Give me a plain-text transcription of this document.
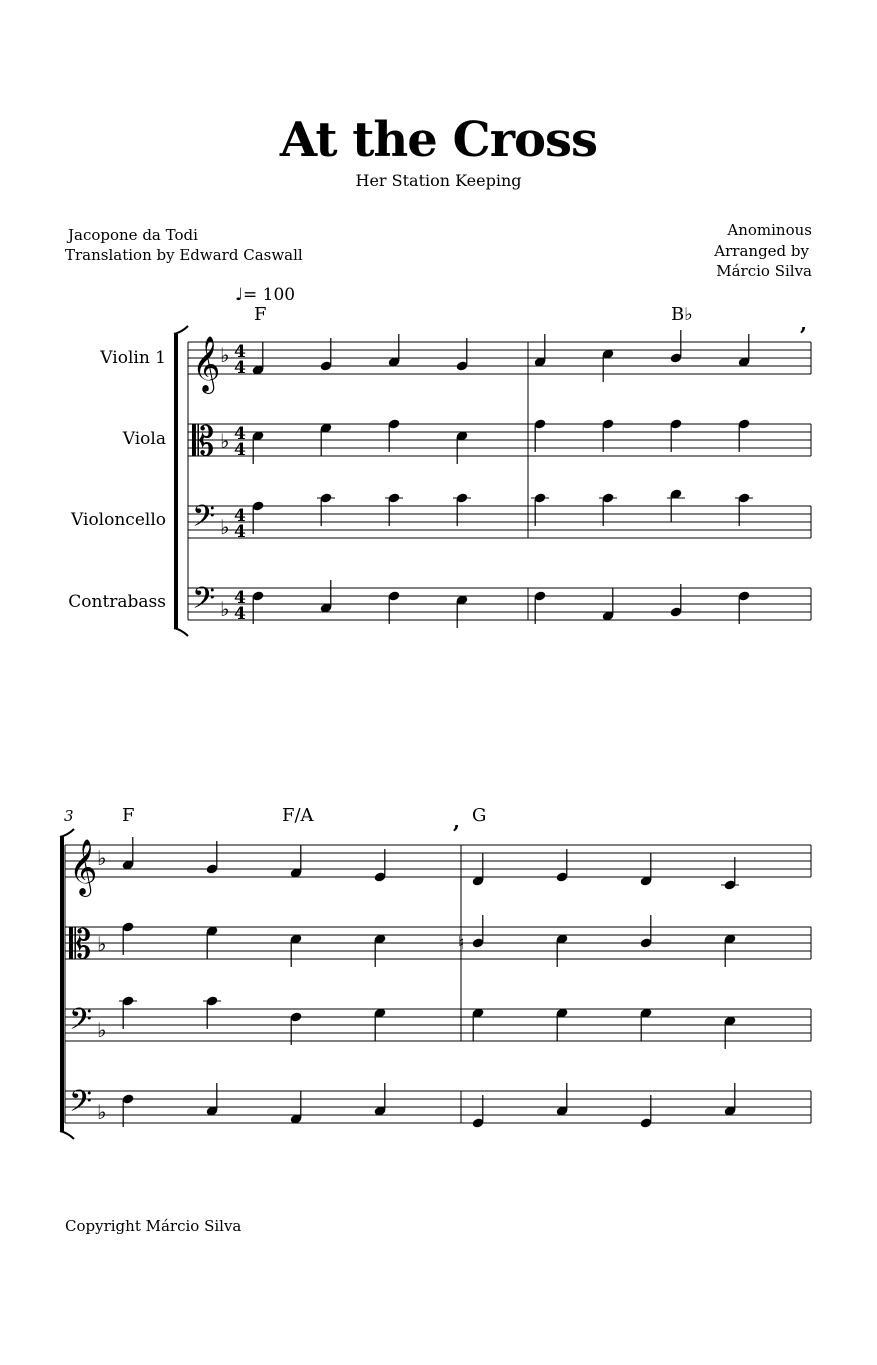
At the Cross
Her Station Keeping
Jacopone da Todi
Translation by Edward Caswall
Anominous
Arranged by
Márcio Silva
♩= 100
F	B♭
3	F	F/A	G
Violin 1
Viola
Violoncello
Contrabass
Copyright Márcio Silva
𝄞 ♭ 4
4
𝄡 ♭ 4
4
𝄢 ♭ 4
4
𝄢 ♭ 4
4
,
𝄞 ♭
𝄡 ♭
𝄢 ♭
𝄢 ♭
♮
,
